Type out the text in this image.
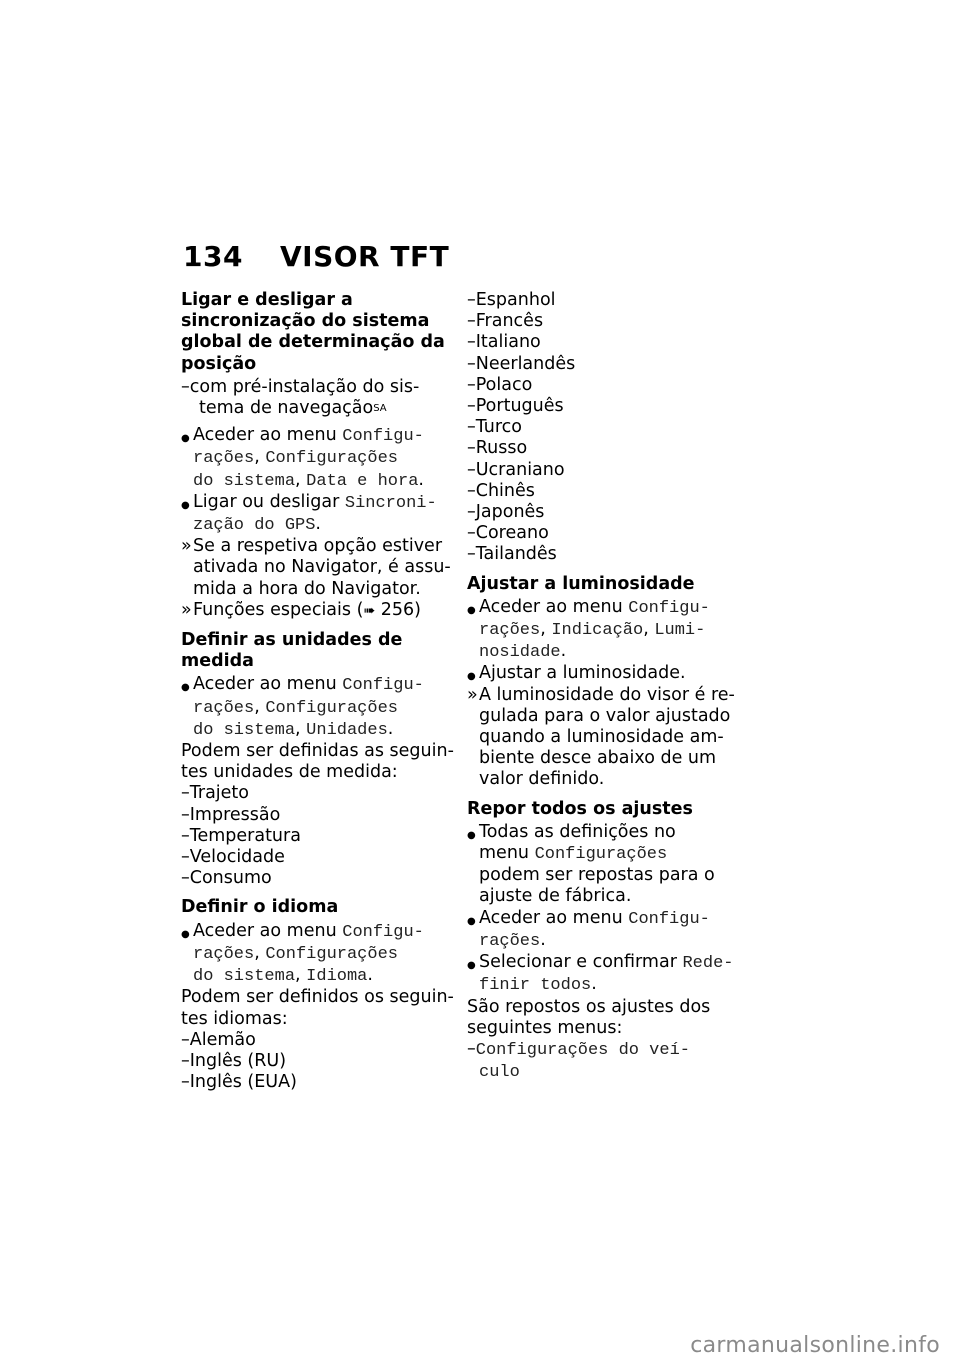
134 VISOR TFT
Ligar e desligar a
sincronização do sistema
global de determinação da
posição
–com pré-instalação do sis-
tema de navegação$^{SA}$
● Aceder ao menu Configu-
rações, Configurações
do sistema, Data e hora.
● Ligar ou desligar Sincroni-
zação do GPS.
» Se a respetiva opção estiver
ativada no Navigator, é assu-
mida a hora do Navigator.
» Funções especiais (➠ 256)
Definir as unidades de medida
● Aceder ao menu Configu-
rações, Configurações
do sistema, Unidades.
Podem ser definidas as seguin-
tes unidades de medida:
–Trajeto
–Impressão
–Temperatura
–Velocidade
–Consumo
Definir o idioma
● Aceder ao menu Configu-
rações, Configurações
do sistema, Idioma.
Podem ser definidos os seguin-
tes idiomas:
–Alemão
–Inglês (RU)
–Inglês (EUA)
–Espanhol
–Francês
–Italiano
–Neerlandês
–Polaco
–Português
–Turco
–Russo
–Ucraniano
–Chinês
–Japonês
–Coreano
–Tailandês
Ajustar a luminosidade
● Aceder ao menu Configu-
rações, Indicação, Lumi-
nosidade.
● Ajustar a luminosidade.
» A luminosidade do visor é re-
gulada para o valor ajustado
quando a luminosidade am-
biente desce abaixo de um
valor definido.
Repor todos os ajustes
● Todas as definições no
menu Configurações
podem ser repostas para o
ajuste de fábrica.
● Aceder ao menu Configu-
rações.
● Selecionar e confirmar Rede-
finir todos.
São repostos os ajustes dos
seguintes menus:
–Configurações do veí-
culo
carmanualsonline.info
